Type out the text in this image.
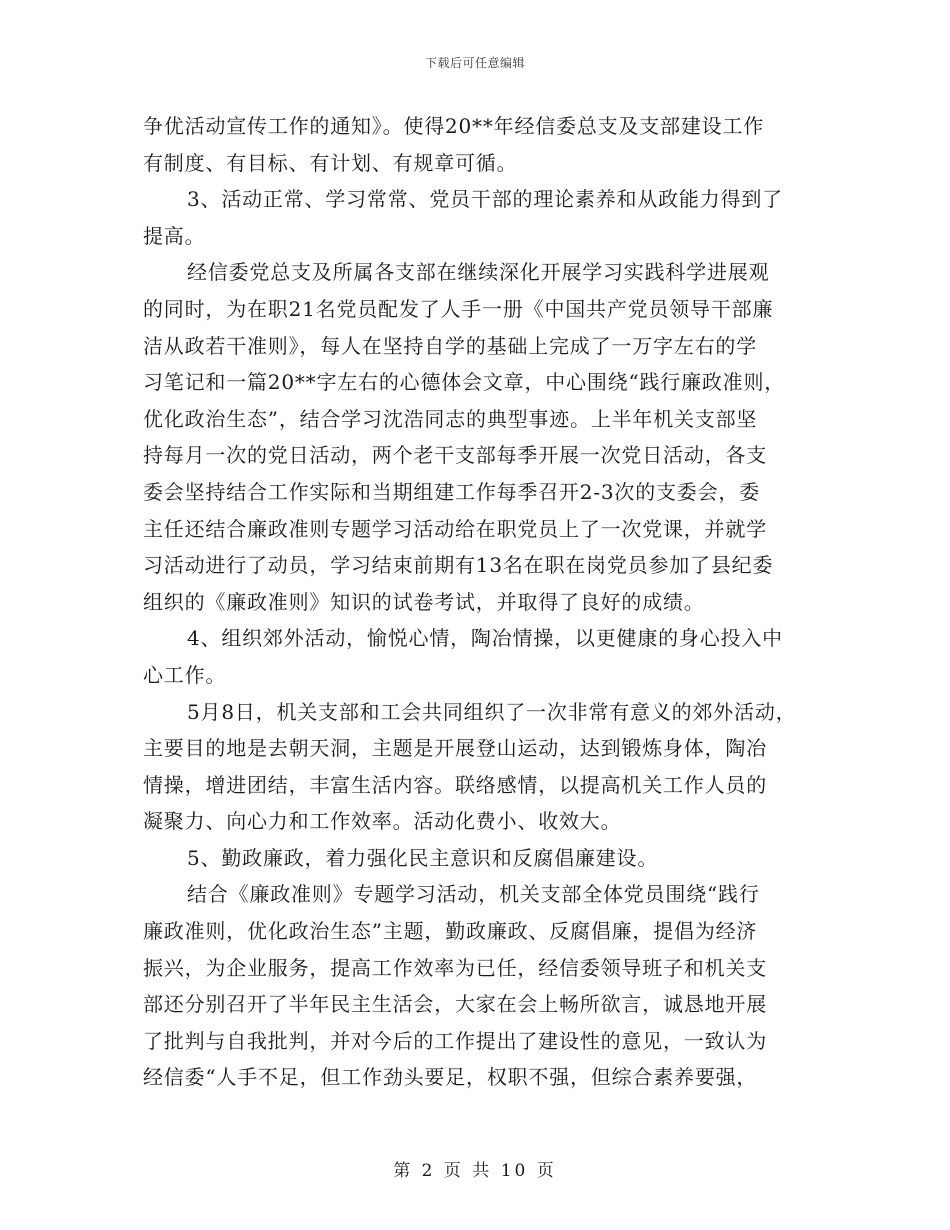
下载后可任意编辑
争优活动宣传工作的通知》。使得20**年经信委总支及支部建设工作
有制度、有目标、有计划、有规章可循。
3、活动正常、学习常常、党员干部的理论素养和从政能力得到了
提高。
经信委党总支及所属各支部在继续深化开展学习实践科学进展观
的同时，为在职21名党员配发了人手一册《中国共产党员领导干部廉
洁从政若干准则》，每人在坚持自学的基础上完成了一万字左右的学
习笔记和一篇20**字左右的心德体会文章，中心围绕“践行廉政准则，
优化政治生态”，结合学习沈浩同志的典型事迹。上半年机关支部坚
持每月一次的党日活动，两个老干支部每季开展一次党日活动，各支
委会坚持结合工作实际和当期组建工作每季召开2-3次的支委会，委
主任还结合廉政准则专题学习活动给在职党员上了一次党课，并就学
习活动进行了动员，学习结束前期有13名在职在岗党员参加了县纪委
组织的《廉政准则》知识的试卷考试，并取得了良好的成绩。
4、组织郊外活动，愉悦心情，陶冶情操，以更健康的身心投入中
心工作。
5月8日，机关支部和工会共同组织了一次非常有意义的郊外活动，
主要目的地是去朝天洞，主题是开展登山运动，达到锻炼身体，陶冶
情操，增进团结，丰富生活内容。联络感情，以提高机关工作人员的
凝聚力、向心力和工作效率。活动化费小、收效大。
5、勤政廉政，着力强化民主意识和反腐倡廉建设。
结合《廉政准则》专题学习活动，机关支部全体党员围绕“践行
廉政准则，优化政治生态”主题，勤政廉政、反腐倡廉，提倡为经济
振兴，为企业服务，提高工作效率为已任，经信委领导班子和机关支
部还分别召开了半年民主生活会，大家在会上畅所欲言，诚恳地开展
了批判与自我批判，并对今后的工作提出了建设性的意见，一致认为
经信委“人手不足，但工作劲头要足，权职不强，但综合素养要强，
第 2 页 共 10 页
